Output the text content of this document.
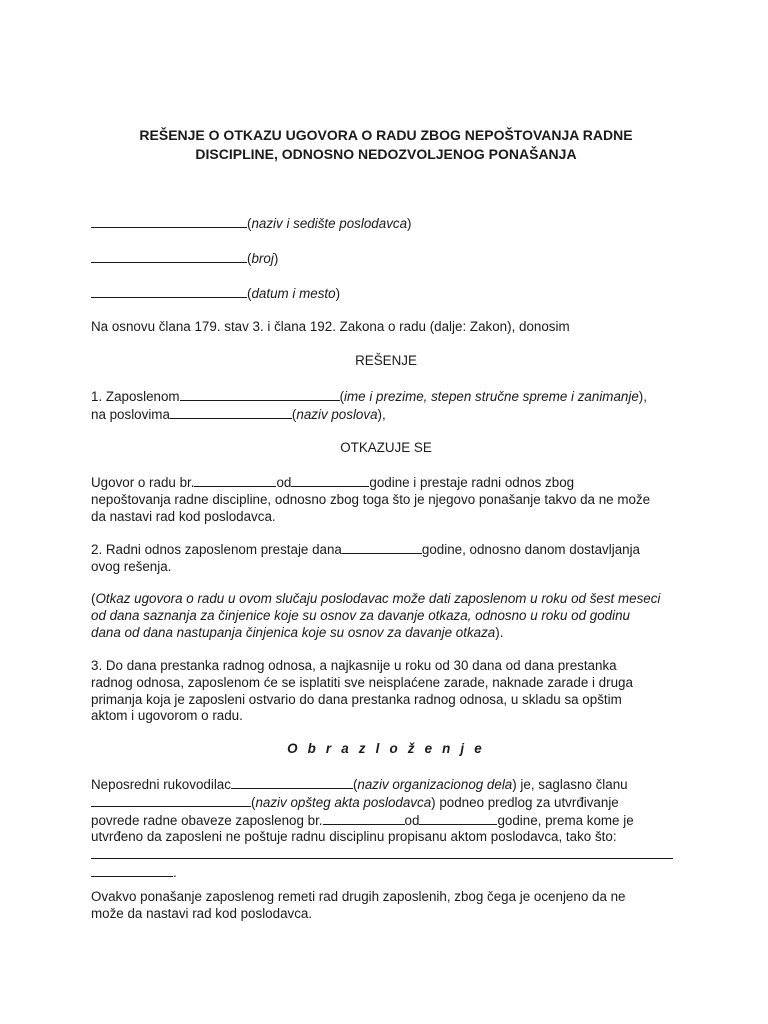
REŠENJE O OTKAZU UGOVORA O RADU ZBOG NEPOŠTOVANJA RADNE
DISCIPLINE, ODNOSNO NEDOZVOLJENOG PONAŠANJA
(naziv i sedište poslodavca)
(broj)
(datum i mesto)
Na osnovu člana 179. stav 3. i člana 192. Zakona o radu (dalje: Zakon), donosim
REŠENJE
1. Zaposlenom	(ime i prezime, stepen stručne spreme i zanimanje),
na poslovima	(naziv poslova),
OTKAZUJE SE
Ugovor o radu br.	od	godine i prestaje radni odnos zbog
nepoštovanja radne discipline, odnosno zbog toga što je njegovo ponašanje takvo da ne može
da nastavi rad kod poslodavca.
2. Radni odnos zaposlenom prestaje dana	godine, odnosno danom dostavljanja
ovog rešenja.
(Otkaz ugovora o radu u ovom slučaju poslodavac može dati zaposlenom u roku od šest meseci
od dana saznanja za činjenice koje su osnov za davanje otkaza, odnosno u roku od godinu
dana od dana nastupanja činjenica koje su osnov za davanje otkaza).
3. Do dana prestanka radnog odnosa, a najkasnije u roku od 30 dana od dana prestanka
radnog odnosa, zaposlenom će se isplatiti sve neisplaćene zarade, naknade zarade i druga
primanja koja je zaposleni ostvario do dana prestanka radnog odnosa, u skladu sa opštim
aktom i ugovorom o radu.
O b r a z l o ž e n j e
Neposredni rukovodilac	(naziv organizacionog dela) je, saglasno članu
(naziv opšteg akta poslodavca) podneo predlog za utvrđivanje
povrede radne obaveze zaposlenog br.	od	godine, prema kome je
utvrđeno da zaposleni ne poštuje radnu disciplinu propisanu aktom poslodavca, tako što:
.
Ovakvo ponašanje zaposlenog remeti rad drugih zaposlenih, zbog čega je ocenjeno da ne
može da nastavi rad kod poslodavca.
